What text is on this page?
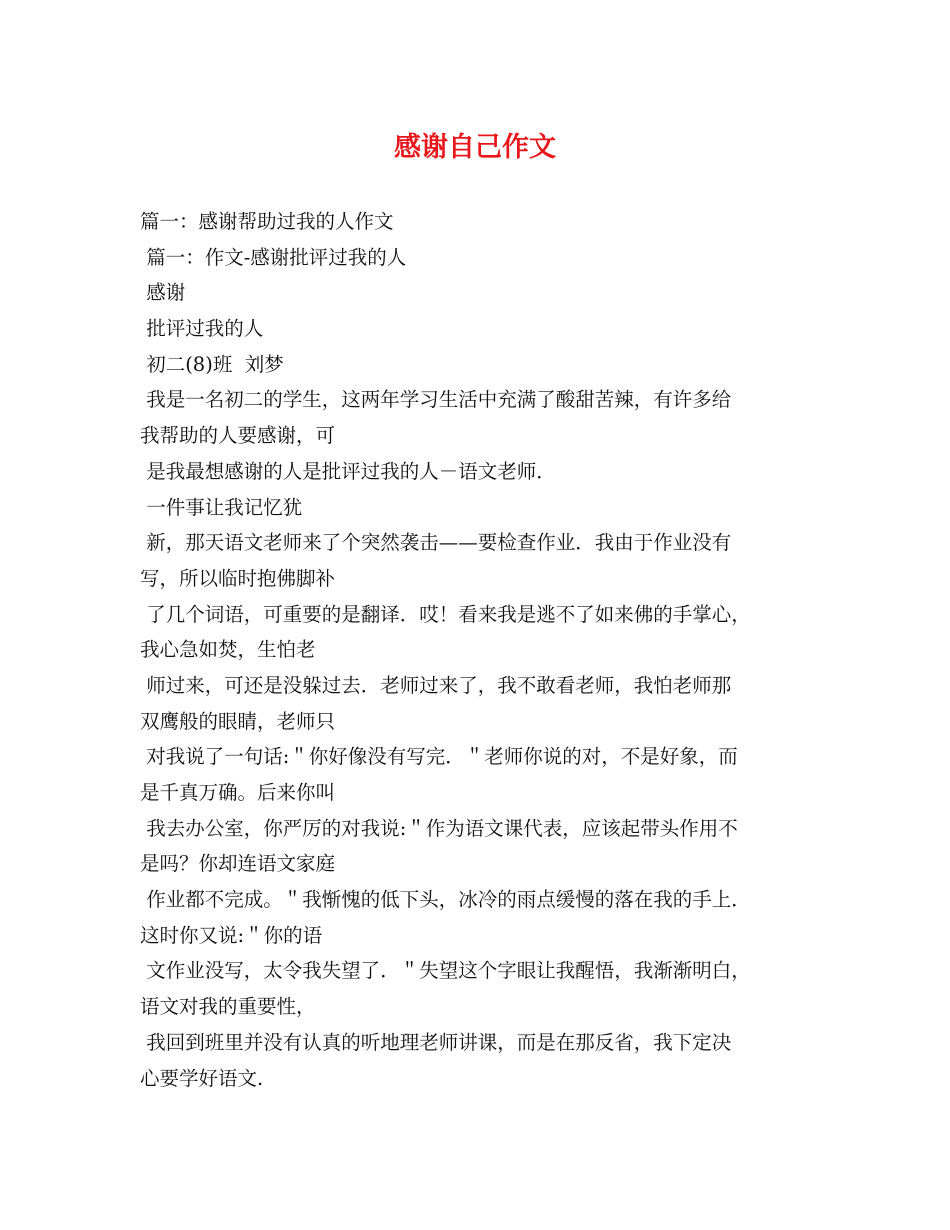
感谢自己作文
篇一：感谢帮助过我的人作文
篇一：作文-感谢批评过我的人
感谢
批评过我的人
初二(8)班  刘梦
我是一名初二的学生，这两年学习生活中充满了酸甜苦辣，有许多给
我帮助的人要感谢，可
是我最想感谢的人是批评过我的人－语文老师．
一件事让我记忆犹
新，那天语文老师来了个突然袭击——要检查作业．我由于作业没有
写，所以临时抱佛脚补
了几个词语，可重要的是翻译．哎！看来我是逃不了如来佛的手掌心，
我心急如焚，生怕老
师过来，可还是没躲过去．老师过来了，我不敢看老师，我怕老师那
双鹰般的眼睛，老师只
对我说了一句话:＂你好像没有写完．＂老师你说的对，不是好象，而
是千真万确。后来你叫
我去办公室，你严厉的对我说:＂作为语文课代表，应该起带头作用不
是吗？你却连语文家庭
作业都不完成。＂我惭愧的低下头，冰冷的雨点缓慢的落在我的手上．
这时你又说:＂你的语
文作业没写，太令我失望了．＂失望这个字眼让我醒悟，我渐渐明白，
语文对我的重要性，
我回到班里并没有认真的听地理老师讲课，而是在那反省，我下定决
心要学好语文.
